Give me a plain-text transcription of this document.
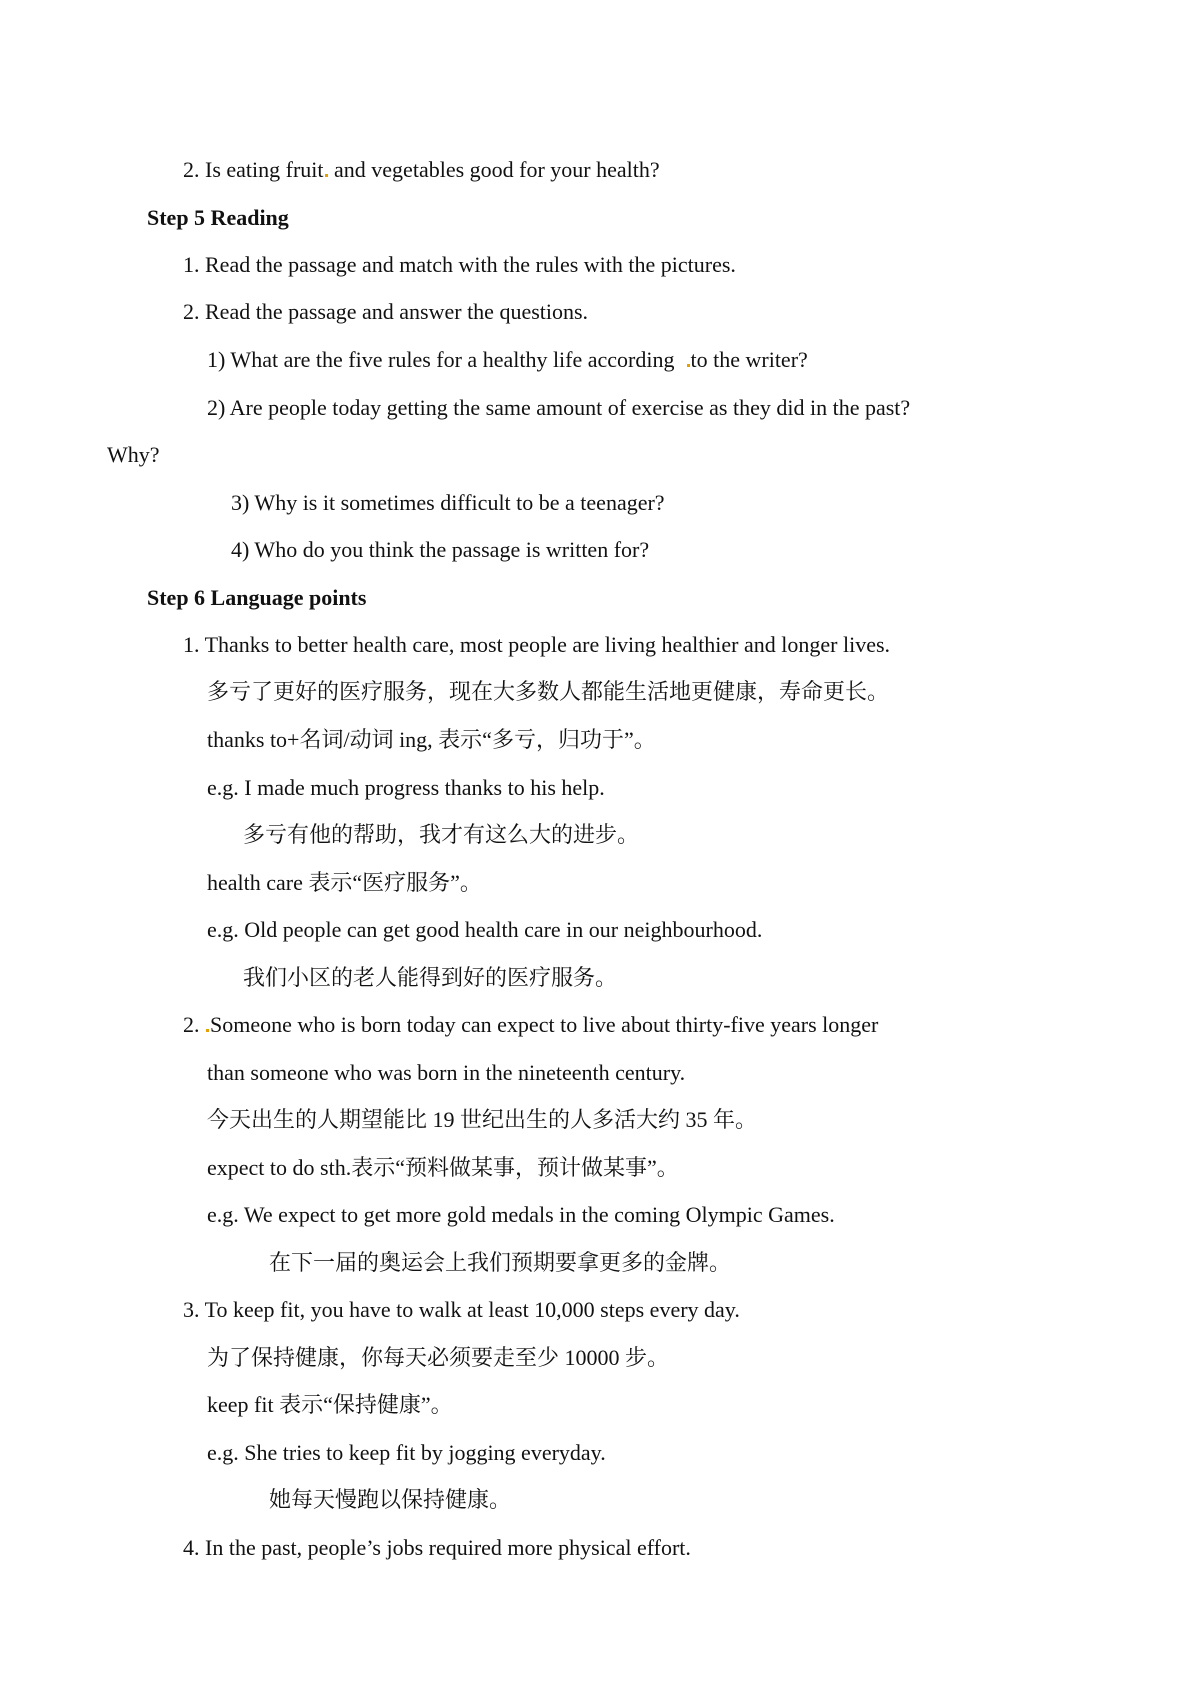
2. Is eating fruit and vegetables good for your health?
Step 5 Reading
1. Read the passage and match with the rules with the pictures.
2. Read the passage and answer the questions.
1) What are the five rules for a healthy life according to the writer?
2) Are people today getting the same amount of exercise as they did in the past?
Why?
3) Why is it sometimes difficult to be a teenager?
4) Who do you think the passage is written for?
Step 6 Language points
1. Thanks to better health care, most people are living healthier and longer lives.
多亏了更好的医疗服务，现在大多数人都能生活地更健康，寿命更长。
thanks to+名词/动词 ing, 表示“多亏，归功于”。
e.g. I made much progress thanks to his help.
多亏有他的帮助，我才有这么大的进步。
health care 表示“医疗服务”。
e.g. Old people can get good health care in our neighbourhood.
我们小区的老人能得到好的医疗服务。
2. Someone who is born today can expect to live about thirty-five years longer
than someone who was born in the nineteenth century.
今天出生的人期望能比 19 世纪出生的人多活大约 35 年。
expect to do sth.表示“预料做某事，预计做某事”。
e.g. We expect to get more gold medals in the coming Olympic Games.
在下一届的奥运会上我们预期要拿更多的金牌。
3. To keep fit, you have to walk at least 10,000 steps every day.
为了保持健康，你每天必须要走至少 10000 步。
keep fit 表示“保持健康”。
e.g. She tries to keep fit by jogging everyday.
她每天慢跑以保持健康。
4. In the past, people’s jobs required more physical effort.
